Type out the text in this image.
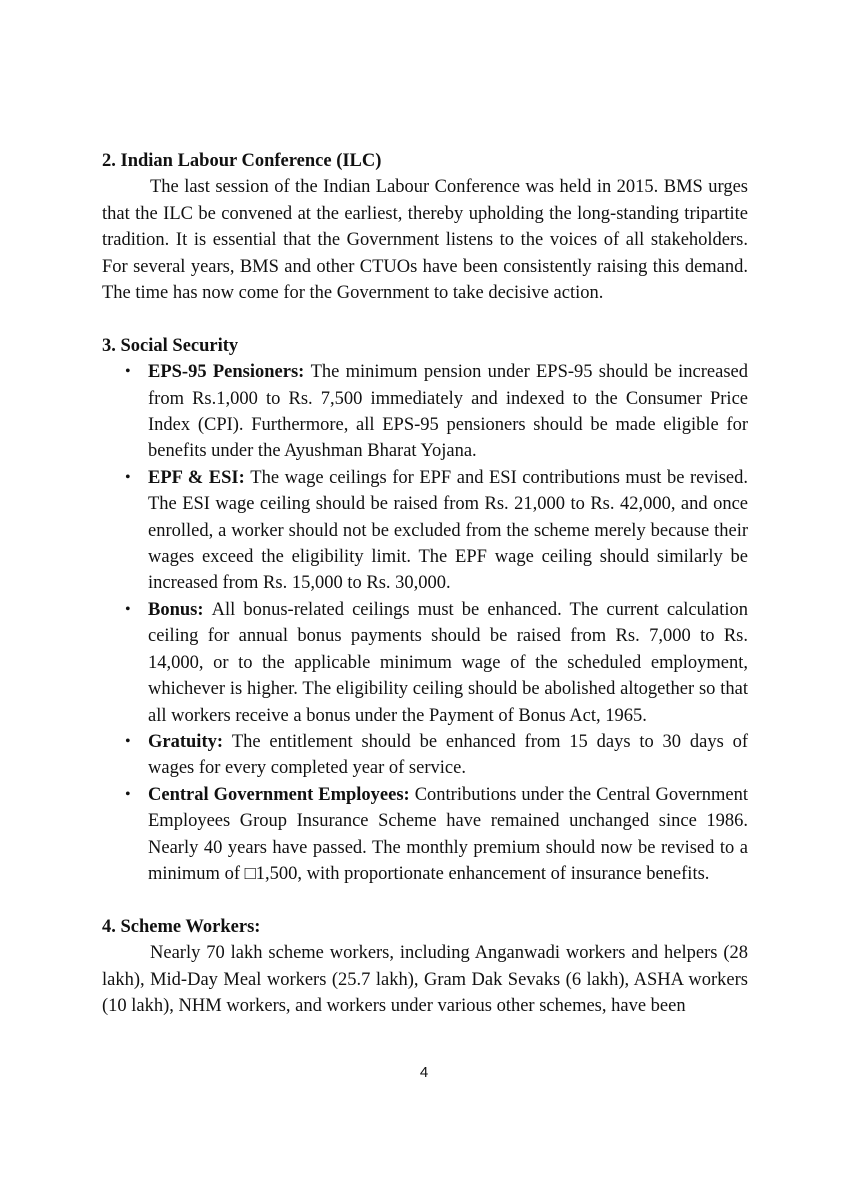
2. Indian Labour Conference (ILC)

The last session of the Indian Labour Conference was held in 2015. BMS urges that the ILC be convened at the earliest, thereby upholding the long-standing tripartite tradition. It is essential that the Government listens to the voices of all stakeholders. For several years, BMS and other CTUOs have been consistently raising this demand. The time has now come for the Government to take decisive action.

3. Social Security
• EPS-95 Pensioners: The minimum pension under EPS-95 should be increased from Rs.1,000 to Rs. 7,500 immediately and indexed to the Consumer Price Index (CPI). Furthermore, all EPS-95 pensioners should be made eligible for benefits under the Ayushman Bharat Yojana.
• EPF & ESI: The wage ceilings for EPF and ESI contributions must be revised. The ESI wage ceiling should be raised from Rs. 21,000 to Rs. 42,000, and once enrolled, a worker should not be excluded from the scheme merely because their wages exceed the eligibility limit. The EPF wage ceiling should similarly be increased from Rs. 15,000 to Rs. 30,000.
• Bonus: All bonus-related ceilings must be enhanced. The current calculation ceiling for annual bonus payments should be raised from Rs. 7,000 to Rs. 14,000, or to the applicable minimum wage of the scheduled employment, whichever is higher. The eligibility ceiling should be abolished altogether so that all workers receive a bonus under the Payment of Bonus Act, 1965.
• Gratuity: The entitlement should be enhanced from 15 days to 30 days of wages for every completed year of service.
• Central Government Employees: Contributions under the Central Government Employees Group Insurance Scheme have remained unchanged since 1986. Nearly 40 years have passed. The monthly premium should now be revised to a minimum of □1,500, with proportionate enhancement of insurance benefits.
4. Scheme Workers:

Nearly 70 lakh scheme workers, including Anganwadi workers and helpers (28 lakh), Mid-Day Meal workers (25.7 lakh), Gram Dak Sevaks (6 lakh), ASHA workers (10 lakh), NHM workers, and workers under various other schemes, have been

4
